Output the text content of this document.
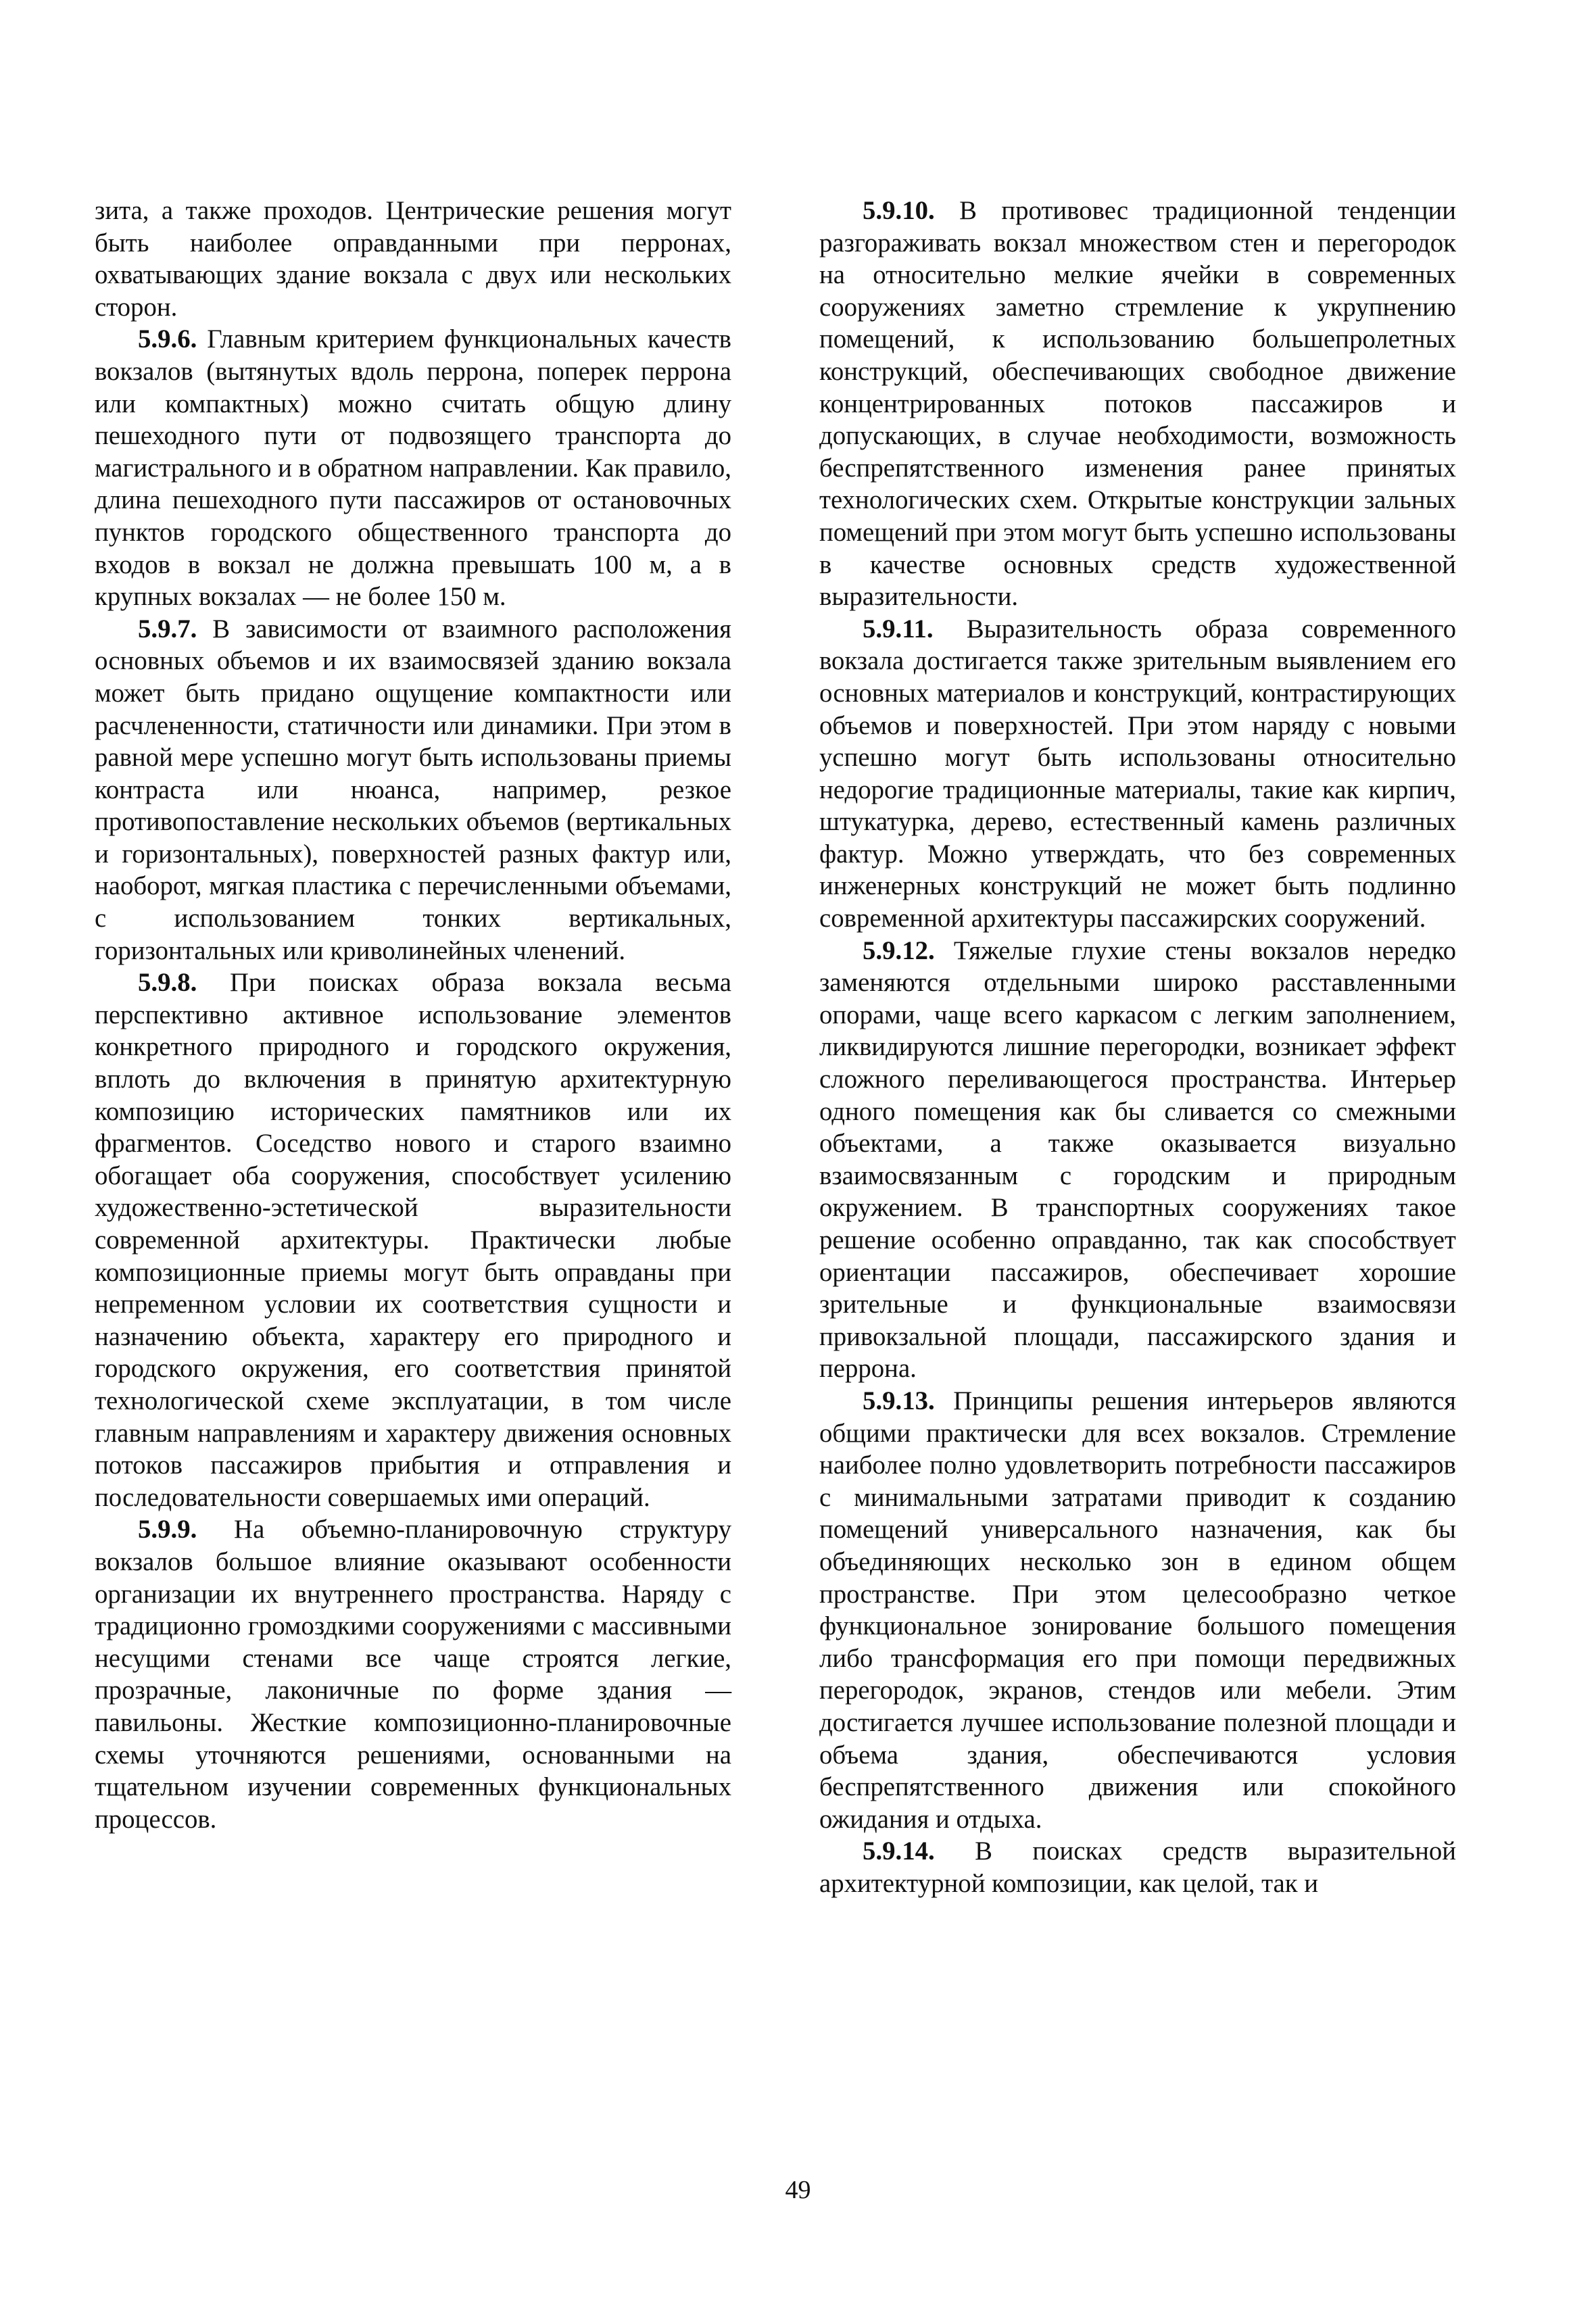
зита, а также проходов. Центрические решения могут быть наиболее оправданными при перронах, охватывающих здание вокзала с двух или нескольких сторон.

5.9.6. Главным критерием функциональных качеств вокзалов (вытянутых вдоль перрона, поперек перрона или компактных) можно считать общую длину пешеходного пути от подвозящего транспорта до магистрального и в обратном направлении. Как правило, длина пешеходного пути пассажиров от остановочных пунктов городского общественного транспорта до входов в вокзал не должна превышать 100 м, а в крупных вокзалах — не более 150 м.

5.9.7. В зависимости от взаимного расположения основных объемов и их взаимосвязей зданию вокзала может быть придано ощущение компактности или расчлененности, статичности или динамики. При этом в равной мере успешно могут быть использованы приемы контраста или нюанса, например, резкое противопоставление нескольких объемов (вертикальных и горизонтальных), поверхностей разных фактур или, наоборот, мягкая пластика с перечисленными объемами, с использованием тонких вертикальных, горизонтальных или криволинейных членений.

5.9.8. При поисках образа вокзала весьма перспективно активное использование элементов конкретного природного и городского окружения, вплоть до включения в принятую архитектурную композицию исторических памятников или их фрагментов. Соседство нового и старого взаимно обогащает оба сооружения, способствует усилению художественно-эстетической выразительности современной архитектуры. Практически любые композиционные приемы могут быть оправданы при непременном условии их соответствия сущности и назначению объекта, характеру его природного и городского окружения, его соответствия принятой технологической схеме эксплуатации, в том числе главным направлениям и характеру движения основных потоков пассажиров прибытия и отправления и последовательности совершаемых ими операций.

5.9.9. На объемно-планировочную структуру вокзалов большое влияние оказывают особенности организации их внутреннего пространства. Наряду с традиционно громоздкими сооружениями с массивными несущими стенами все чаще строятся легкие, прозрачные, лаконичные по форме здания — павильоны. Жесткие композиционно-планировочные схемы уточняются решениями, основанными на тщательном изучении современных функциональных процессов.

5.9.10. В противовес традиционной тенденции разгораживать вокзал множеством стен и перегородок на относительно мелкие ячейки в современных сооружениях заметно стремление к укрупнению помещений, к использованию большепролетных конструкций, обеспечивающих свободное движение концентрированных потоков пассажиров и допускающих, в случае необходимости, возможность беспрепятственного изменения ранее принятых технологических схем. Открытые конструкции зальных помещений при этом могут быть успешно использованы в качестве основных средств художественной выразительности.

5.9.11. Выразительность образа современного вокзала достигается также зрительным выявлением его основных материалов и конструкций, контрастирующих объемов и поверхностей. При этом наряду с новыми успешно могут быть использованы относительно недорогие традиционные материалы, такие как кирпич, штукатурка, дерево, естественный камень различных фактур. Можно утверждать, что без современных инженерных конструкций не может быть подлинно современной архитектуры пассажирских сооружений.

5.9.12. Тяжелые глухие стены вокзалов нередко заменяются отдельными широко расставленными опорами, чаще всего каркасом с легким заполнением, ликвидируются лишние перегородки, возникает эффект сложного переливающегося пространства. Интерьер одного помещения как бы сливается со смежными объектами, а также оказывается визуально взаимосвязанным с городским и природным окружением. В транспортных сооружениях такое решение особенно оправданно, так как способствует ориентации пассажиров, обеспечивает хорошие зрительные и функциональные взаимосвязи привокзальной площади, пассажирского здания и перрона.

5.9.13. Принципы решения интерьеров являются общими практически для всех вокзалов. Стремление наиболее полно удовлетворить потребности пассажиров с минимальными затратами приводит к созданию помещений универсального назначения, как бы объединяющих несколько зон в едином общем пространстве. При этом целесообразно четкое функциональное зонирование большого помещения либо трансформация его при помощи передвижных перегородок, экранов, стендов или мебели. Этим достигается лучшее использование полезной площади и объема здания, обеспечиваются условия беспрепятственного движения или спокойного ожидания и отдыха.

5.9.14. В поисках средств выразительной архитектурной композиции, как целой, так и

49
